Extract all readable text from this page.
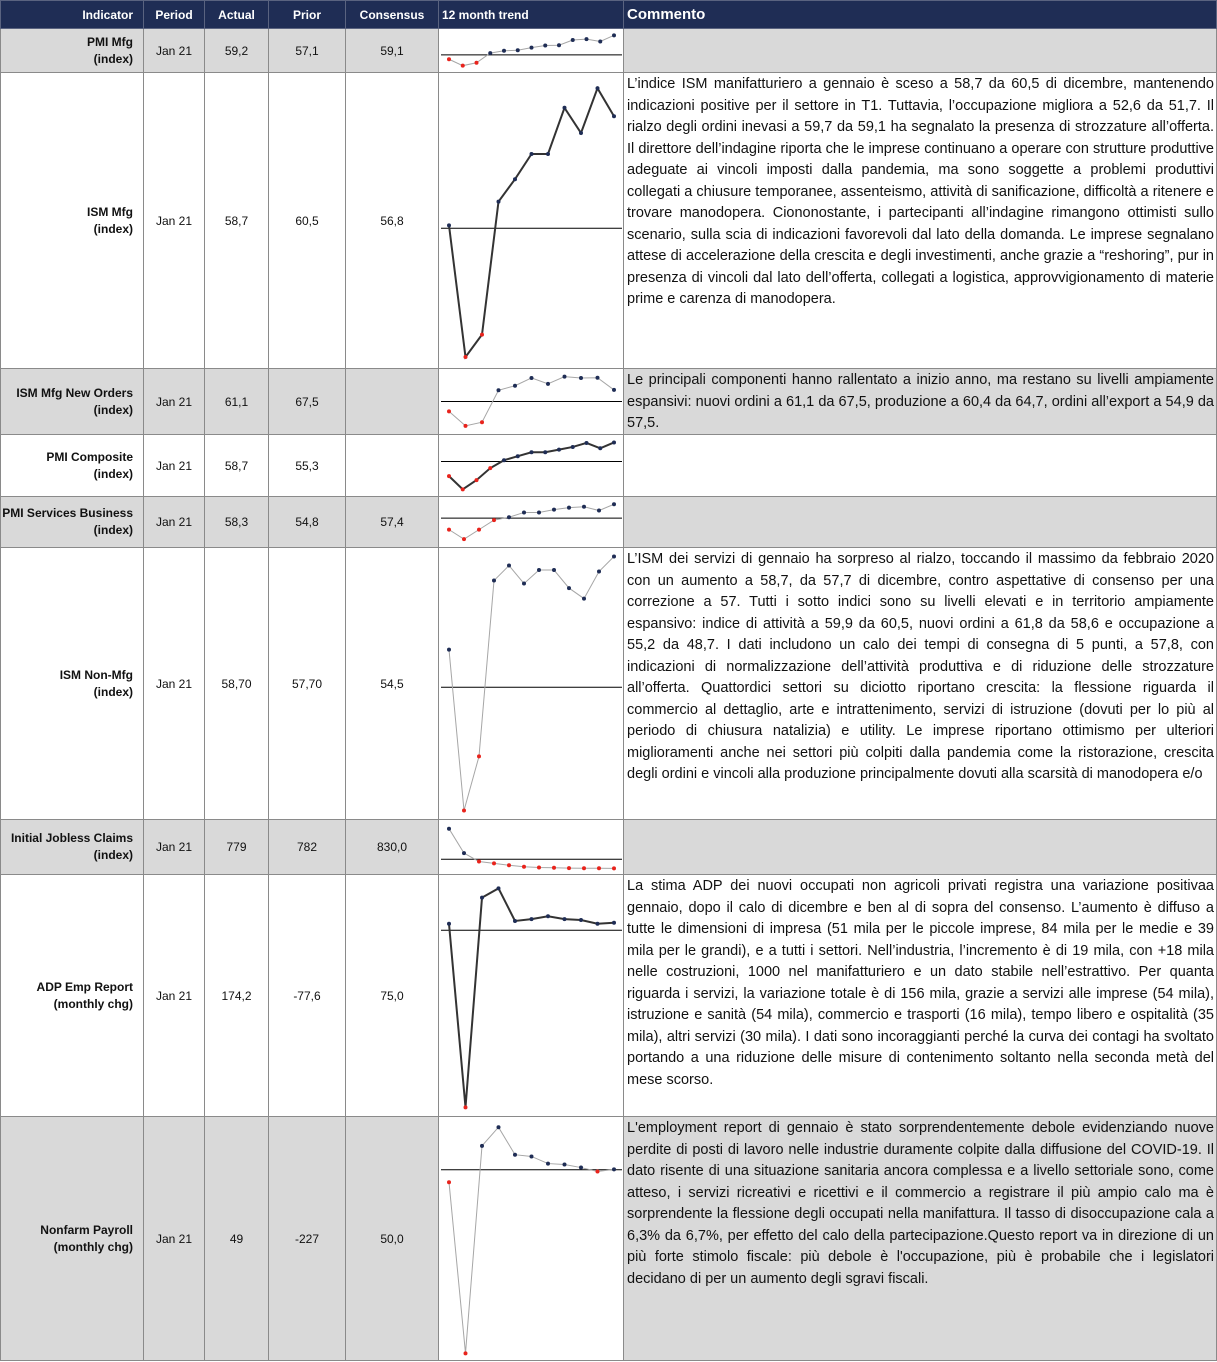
Indicator	Period	Actual	Prior	Consensus	12 month trend	Commento

PMI Mfg
(index)	Jan 21	59,2	57,1	59,1	

ISM Mfg
(index)	Jan 21	58,7	60,5	56,8		L’indice ISM manifatturiero a gennaio è sceso a 58,7 da 60,5 di dicembre, mantenendo indicazioni positive per il settore in T1. Tuttavia, l’occupazione migliora a 52,6 da 51,7. Il rialzo degli ordini inevasi a 59,7 da 59,1 ha segnalato la presenza di strozzature all’offerta. Il direttore dell’indagine riporta che le imprese continuano a operare con strutture produttive adeguate ai vincoli imposti dalla pandemia, ma sono soggette a problemi produttivi collegati a chiusure temporanee, assenteismo, attività di sanificazione, difficoltà a ritenere e trovare manodopera. Ciononostante, i partecipanti all’indagine rimangono ottimisti sullo scenario, sulla scia di indicazioni favorevoli dal lato della domanda. Le imprese segnalano attese di accelerazione della crescita e degli investimenti, anche grazie a “reshoring”, pur in presenza di vincoli dal lato dell’offerta, collegati a logistica, approvvigionamento di materie prime e carenza di manodopera.

ISM Mfg New Orders
(index)	Jan 21	61,1	67,5			Le principali componenti hanno rallentato a inizio anno, ma restano su livelli ampiamente espansivi: nuovi ordini a 61,1 da 67,5, produzione a 60,4 da 64,7, ordini all’export a 54,9 da 57,5.

PMI Composite
(index)	Jan 21	58,7	55,3		

PMI Services Business
(index)	Jan 21	58,3	54,8	57,4	

ISM Non-Mfg
(index)	Jan 21	58,70	57,70	54,5		L’ISM dei servizi di gennaio ha sorpreso al rialzo, toccando il massimo da febbraio 2020 con un aumento a 58,7, da 57,7 di dicembre, contro aspettative di consenso per una correzione a 57. Tutti i sotto indici sono su livelli elevati e in territorio ampiamente espansivo: indice di attività a 59,9 da 60,5, nuovi ordini a 61,8 da 58,6 e occupazione a 55,2 da 48,7. I dati includono un calo dei tempi di consegna di 5 punti, a 57,8, con indicazioni di normalizzazione dell’attività produttiva e di riduzione delle strozzature all’offerta. Quattordici settori su diciotto riportano crescita: la flessione riguarda il commercio al dettaglio, arte e intrattenimento, servizi di istruzione (dovuti per lo più al periodo di chiusura natalizia) e utility. Le imprese riportano ottimismo per ulteriori miglioramenti anche nei settori più colpiti dalla pandemia come la ristorazione, crescita degli ordini e vincoli alla produzione principalmente dovuti alla scarsità di manodopera e/o

Initial Jobless Claims
(index)	Jan 21	779	782	830,0	

ADP Emp Report
(monthly chg)	Jan 21	174,2	-77,6	75,0		La stima ADP dei nuovi occupati non agricoli privati registra una variazione positivaa gennaio, dopo il calo di dicembre e ben al di sopra del consenso. L’aumento è diffuso a tutte le dimensioni di impresa (51 mila per le piccole imprese, 84 mila per le medie e 39 mila per le grandi), e a tutti i settori. Nell’industria, l’incremento è di 19 mila, con +18 mila nelle costruzioni, 1000 nel manifatturiero e un dato stabile nell’estrattivo. Per quanta riguarda i servizi, la variazione totale è di 156 mila, grazie a servizi alle imprese (54 mila), istruzione e sanità (54 mila), commercio e trasporti (16 mila), tempo libero e ospitalità (35 mila), altri servizi (30 mila). I dati sono incoraggianti perché la curva dei contagi ha svoltato portando a una riduzione delle misure di contenimento soltanto nella seconda metà del mese scorso.

Nonfarm Payroll
(monthly chg)	Jan 21	49	-227	50,0		L'employment report di gennaio è stato sorprendentemente debole evidenziando nuove perdite di posti di lavoro nelle industrie duramente colpite dalla diffusione del COVID-19. Il dato risente di una situazione sanitaria ancora complessa e a livello settoriale sono, come atteso, i servizi ricreativi e ricettivi e il commercio a registrare il più ampio calo ma è sorprendente la flessione degli occupati nella manifattura. Il tasso di disoccupazione cala a 6,3% da 6,7%, per effetto del calo della partecipazione.Questo report va in direzione di un più forte stimolo fiscale: più debole è l'occupazione, più è probabile che i legislatori decidano di per un aumento degli sgravi fiscali.
